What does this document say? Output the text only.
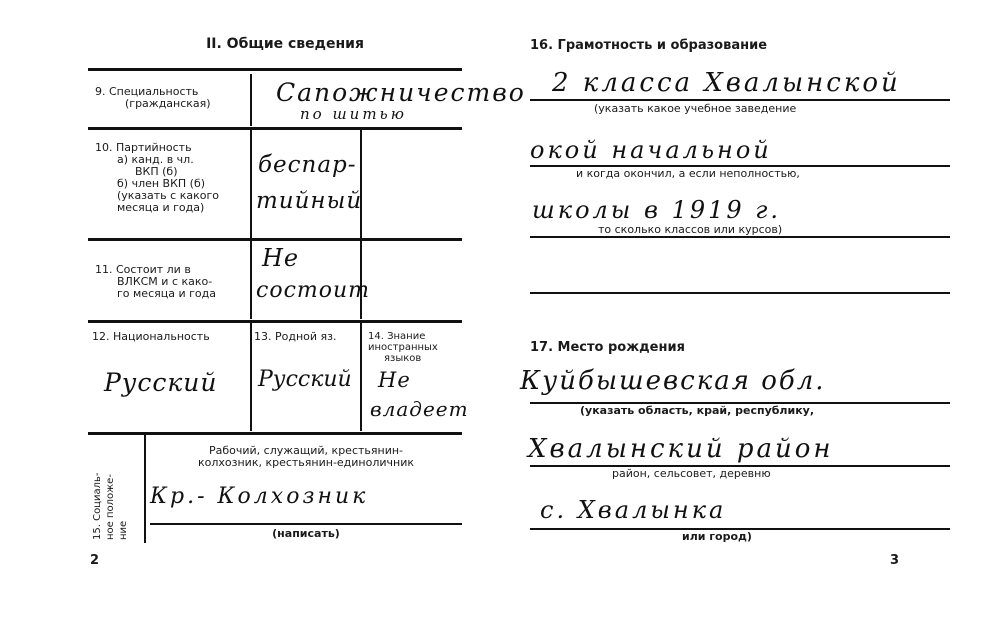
II. Общие сведения
9. Специальность
(гражданская)	Сапожничество
по шитью
10. Партийность
а) канд. в чл.
ВКП (б)
б) член ВКП (б)
(указать с какого
месяца и года)
беспар-
тийный
11. Состоит ли в
ВЛКСМ и с како-
го месяца и года
Не
состоит
12. Национальность
Русский
13. Родной яз.
Русский
14. Знание
иностранных
языков
Не
владеет
15. Социаль- ное положе- ние
Рабочий, служащий, крестьянин-
колхозник, крестьянин-единоличник
Кр.- Колхозник
(написать)
2
16. Грамотность и образование
2 класса Хвалынской
(указать какое учебное заведение
окой начальной
и когда окончил, а если неполностью,
школы в 1919 г.
то сколько классов или курсов)
17. Место рождения
Куйбышевская обл.
(указать область, край, республику,
Хвалынский район
район, сельсовет, деревню
с. Хвалынка
или город)
3
